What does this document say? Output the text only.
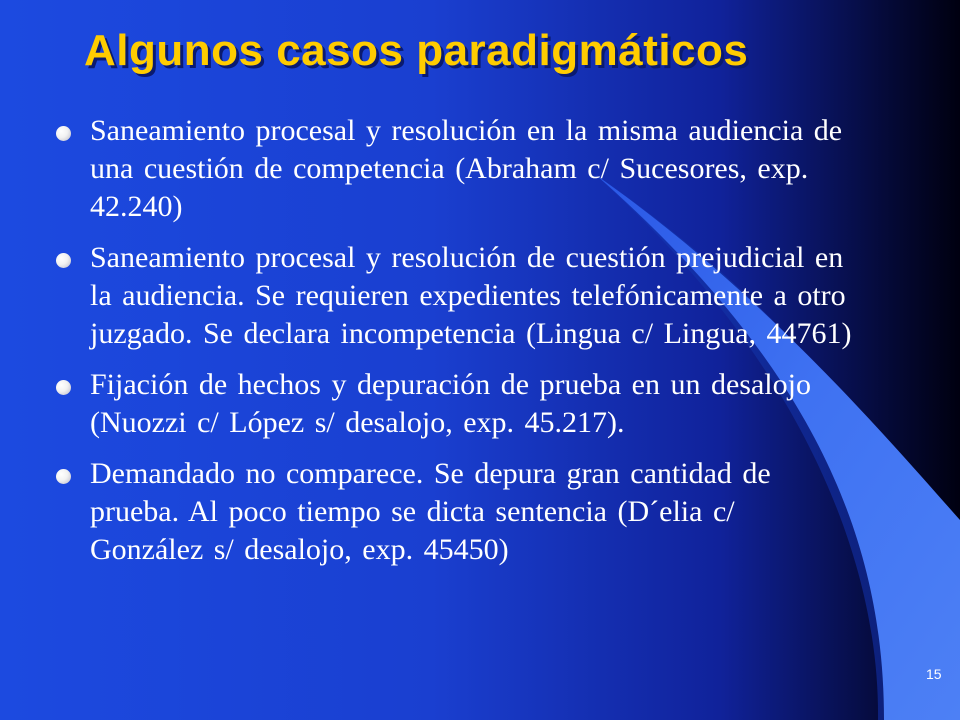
Algunos casos paradigmáticos
Saneamiento procesal y resolución en la misma audiencia de una cuestión de competencia (Abraham c/ Sucesores, exp. 42.240)
Saneamiento procesal y resolución de cuestión prejudicial en la audiencia. Se requieren expedientes telefónicamente a otro juzgado. Se declara incompetencia (Lingua c/ Lingua, 44761)
Fijación de hechos y depuración de prueba en un desalojo (Nuozzi c/ López s/ desalojo, exp. 45.217).
Demandado no comparece. Se depura gran cantidad de prueba. Al poco tiempo se dicta sentencia (D´elia c/ González s/ desalojo, exp. 45450)
15
